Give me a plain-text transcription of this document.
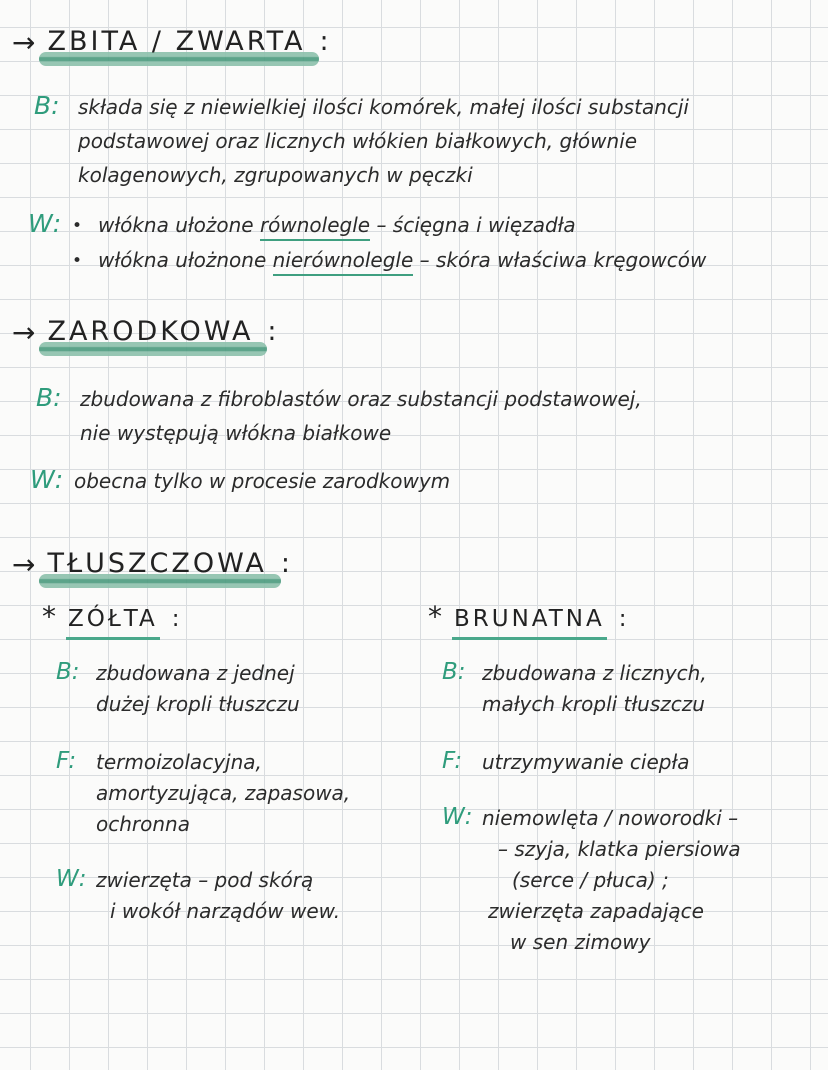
→ ZBITA / ZWARTA :
B: składa się z niewielkiej ilości komórek, małej ilości substancji
podstawowej oraz licznych włókien białkowych, głównie
kolagenowych, zgrupowanych w pęczki
W: • włókna ułożone równolegle – ścięgna i więzadła
• włókna ułożnone nierównolegle – skóra właściwa kręgowców
→ ZARODKOWA :
B: zbudowana z fibroblastów oraz substancji podstawowej,
nie występują włókna białkowe
W: obecna tylko w procesie zarodkowym
→ TŁUSZCZOWA :
* ZÓŁTA :
B: zbudowana z jednej
dużej kropli tłuszczu
F: termoizolacyjna,
amortyzująca, zapasowa,
ochronna
W: zwierzęta – pod skórą
i wokół narządów wew.
* BRUNATNA :
B: zbudowana z licznych,
małych kropli tłuszczu
F: utrzymywanie ciepła
W: niemowlęta / noworodki –
– szyja, klatka piersiowa
(serce / płuca) ;
zwierzęta zapadające
w sen zimowy
